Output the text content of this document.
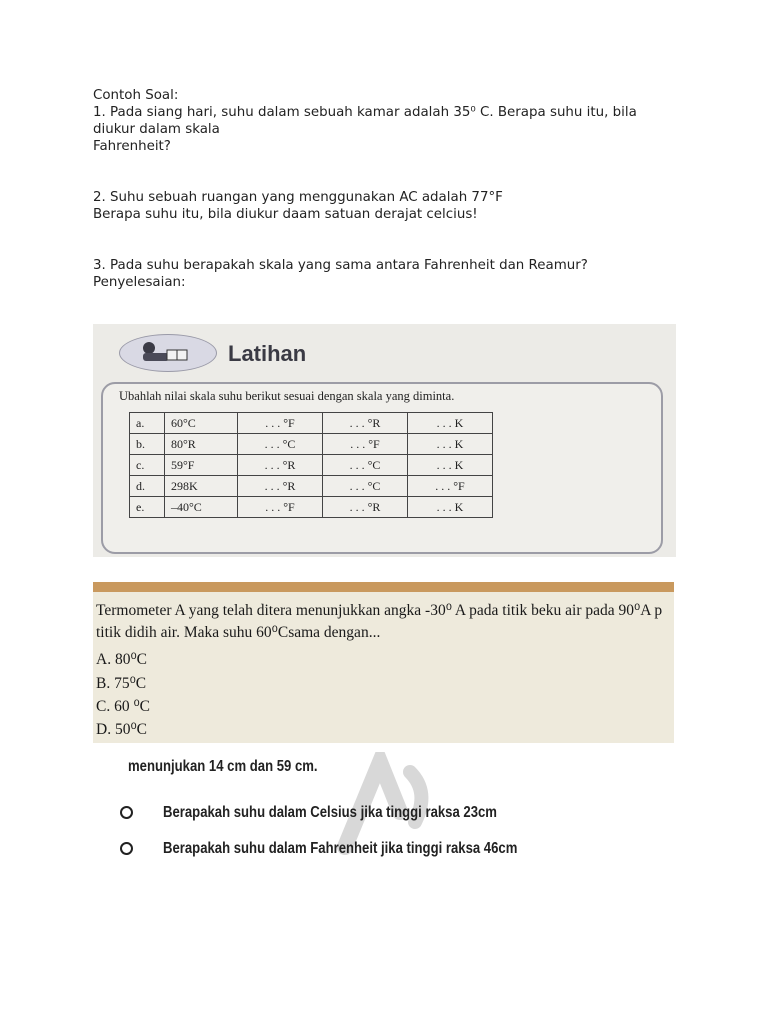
Contoh Soal:

1. Pada siang hari, suhu dalam sebuah kamar adalah 35⁰ C. Berapa suhu itu, bila

diukur dalam skala

Fahrenheit?

2. Suhu sebuah ruangan yang menggunakan AC adalah 77°F

Berapa suhu itu, bila diukur daam satuan derajat celcius!

3. Pada suhu berapakah skala yang sama antara Fahrenheit dan Reamur?

Penyelesaian:

Latihan
Ubahlah nilai skala suhu berikut sesuai dengan skala yang diminta.
a.	60°C	. . . °F	. . . °R	. . . K
b.	80°R	. . . °C	. . . °F	. . . K
c.	59°F	. . . °R	. . . °C	. . . K
d.	298K	. . . °R	. . . °C	. . . °F
e.	–40°C	. . . °F	. . . °R	. . . K
Termometer A yang telah ditera menunjukkan angka -30⁰ A pada titik beku air pada 90⁰A p
titik didih air. Maka suhu 60⁰Csama dengan...
A. 80⁰C
B. 75⁰C
C. 60 ⁰C
D. 50⁰C
menunjukan 14 cm dan 59 cm.
Berapakah suhu dalam Celsius jika tinggi raksa 23cm
Berapakah suhu dalam Fahrenheit jika tinggi raksa 46cm
